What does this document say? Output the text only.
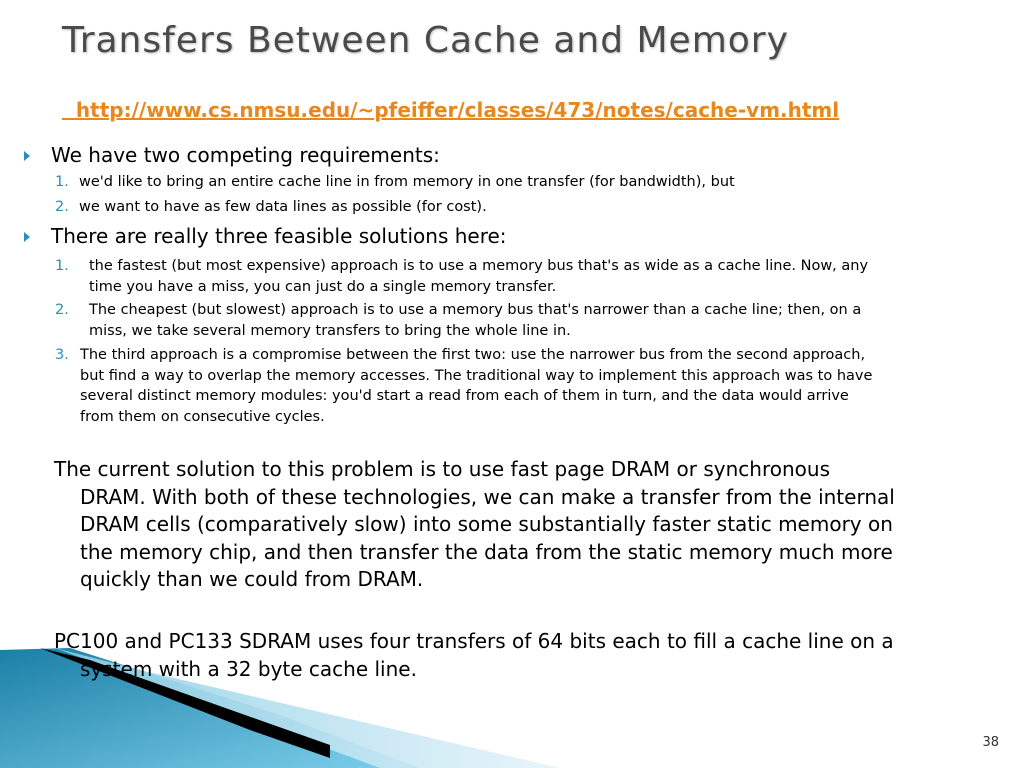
Transfers Between Cache and Memory
http://www.cs.nmsu.edu/~pfeiffer/classes/473/notes/cache-vm.html
We have two competing requirements:
1. we'd like to bring an entire cache line in from memory in one transfer (for bandwidth), but
2. we want to have as few data lines as possible (for cost).
There are really three feasible solutions here:
1. the fastest (but most expensive) approach is to use a memory bus that's as wide as a cache line. Now, any
time you have a miss, you can just do a single memory transfer.
2. The cheapest (but slowest) approach is to use a memory bus that's narrower than a cache line; then, on a
miss, we take several memory transfers to bring the whole line in.
3. The third approach is a compromise between the first two: use the narrower bus from the second approach,
but find a way to overlap the memory accesses. The traditional way to implement this approach was to have
several distinct memory modules: you'd start a read from each of them in turn, and the data would arrive
from them on consecutive cycles.
The current solution to this problem is to use fast page DRAM or synchronous
DRAM. With both of these technologies, we can make a transfer from the internal
DRAM cells (comparatively slow) into some substantially faster static memory on
the memory chip, and then transfer the data from the static memory much more
quickly than we could from DRAM.
PC100 and PC133 SDRAM uses four transfers of 64 bits each to fill a cache line on a
system with a 32 byte cache line.
38
